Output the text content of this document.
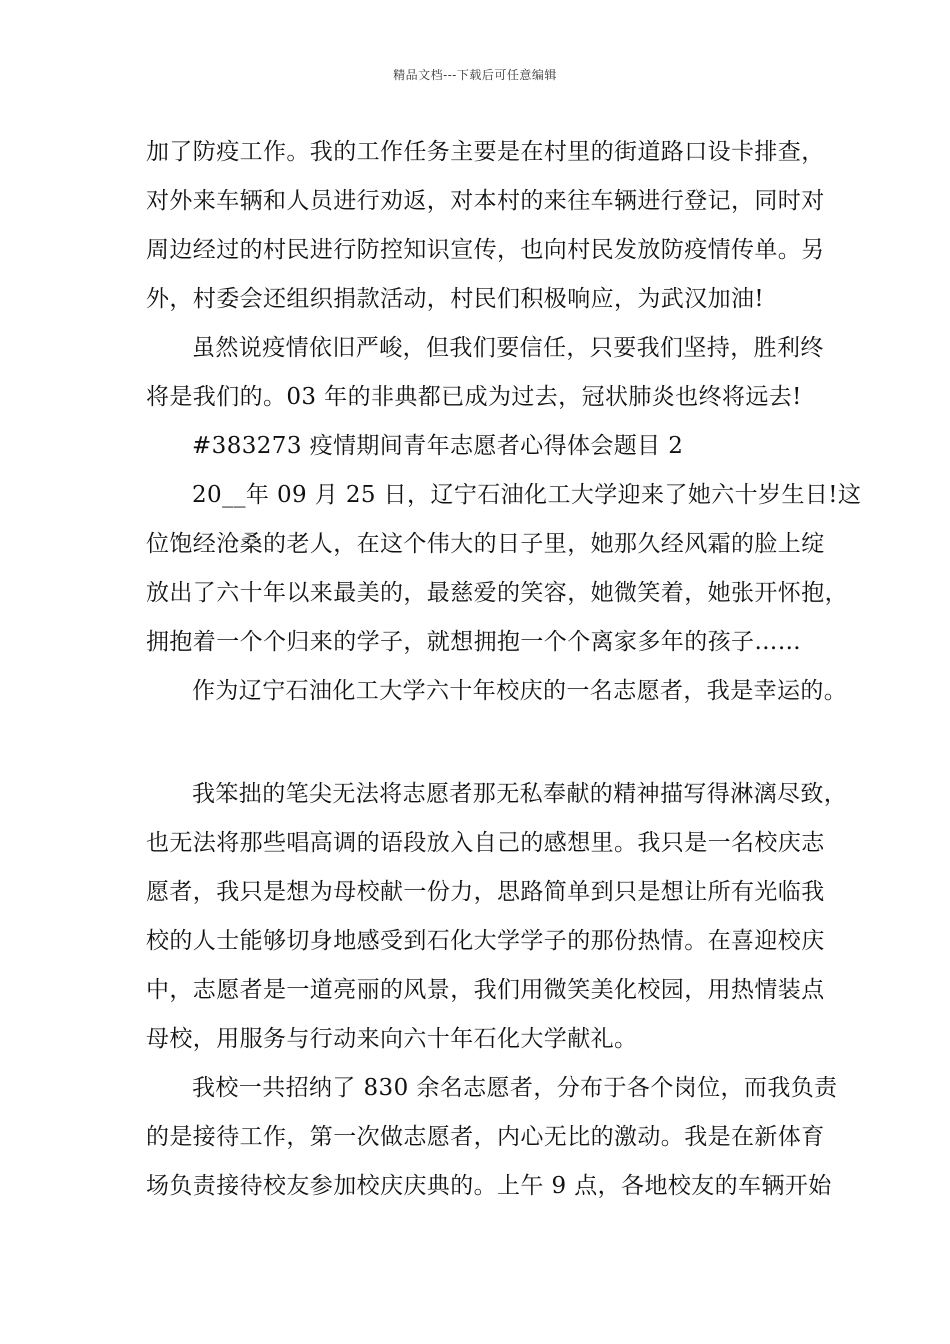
精品文档---下载后可任意编辑
加了防疫工作。我的工作任务主要是在村里的街道路口设卡排查，
对外来车辆和人员进行劝返，对本村的来往车辆进行登记，同时对
周边经过的村民进行防控知识宣传，也向村民发放防疫情传单。另
外，村委会还组织捐款活动，村民们积极响应，为武汉加油!
虽然说疫情依旧严峻，但我们要信任，只要我们坚持，胜利终
将是我们的。03 年的非典都已成为过去，冠状肺炎也终将远去!
#383273 疫情期间青年志愿者心得体会题目 2
20__年 09 月 25 日，辽宁石油化工大学迎来了她六十岁生日!这
位饱经沧桑的老人，在这个伟大的日子里，她那久经风霜的脸上绽
放出了六十年以来最美的，最慈爱的笑容，她微笑着，她张开怀抱，
拥抱着一个个归来的学子，就想拥抱一个个离家多年的孩子……
作为辽宁石油化工大学六十年校庆的一名志愿者，我是幸运的。
我笨拙的笔尖无法将志愿者那无私奉献的精神描写得淋漓尽致，
也无法将那些唱高调的语段放入自己的感想里。我只是一名校庆志
愿者，我只是想为母校献一份力，思路简单到只是想让所有光临我
校的人士能够切身地感受到石化大学学子的那份热情。在喜迎校庆
中，志愿者是一道亮丽的风景，我们用微笑美化校园，用热情装点
母校，用服务与行动来向六十年石化大学献礼。
我校一共招纳了 830 余名志愿者，分布于各个岗位，而我负责
的是接待工作，第一次做志愿者，内心无比的激动。我是在新体育
场负责接待校友参加校庆庆典的。上午 9 点，各地校友的车辆开始
